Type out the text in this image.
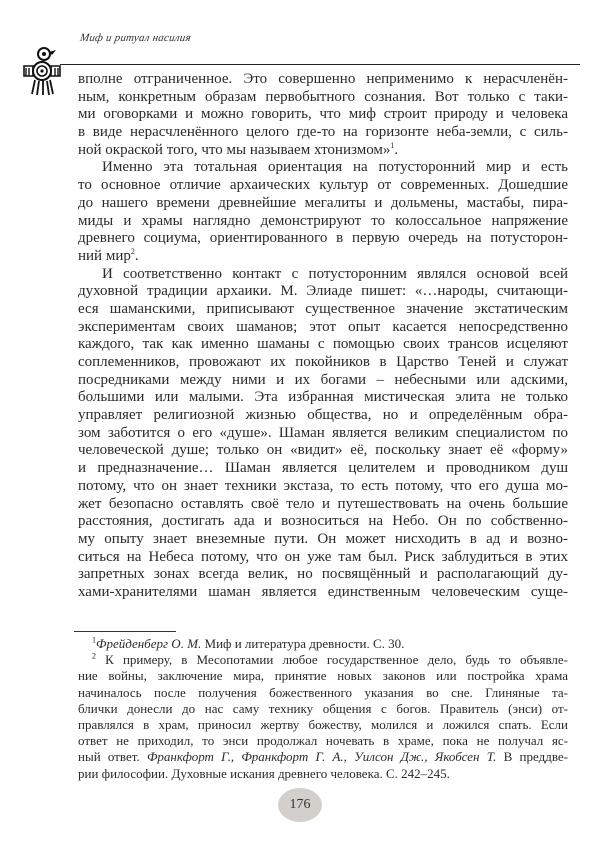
Миф и ритуал насилия
вполне отграниченное. Это совершенно неприменимо к нерасчленён-
ным, конкретным образам первобытного сознания. Вот только с таки-
ми оговорками и можно говорить, что миф строит природу и человека
в виде нерасчленённого целого где-то на горизонте неба-земли, с силь-
ной окраской того, что мы называем хтонизмом»$^1$.
Именно эта тотальная ориентация на потусторонний мир и есть
то основное отличие архаических культур от современных. Дошедшие
до нашего времени древнейшие мегалиты и дольмены, мастабы, пира-
миды и храмы наглядно демонстрируют то колоссальное напряжение
древнего социума, ориентированного в первую очередь на потусторон-
ний мир$^2$.
И соответственно контакт с потусторонним являлся основой всей
духовной традиции архаики. М. Элиаде пишет: «…народы, считающи-
еся шаманскими, приписывают существенное значение экстатическим
экспериментам своих шаманов; этот опыт касается непосредственно
каждого, так как именно шаманы с помощью своих трансов исцеляют
соплеменников, провожают их покойников в Царство Теней и служат
посредниками между ними и их богами – небесными или адскими,
большими или малыми. Эта избранная мистическая элита не только
управляет религиозной жизнью общества, но и определённым обра-
зом заботится о его «душе». Шаман является великим специалистом по
человеческой душе; только он «видит» её, поскольку знает её «форму»
и предназначение… Шаман является целителем и проводником душ
потому, что он знает техники экстаза, то есть потому, что его душа мо-
жет безопасно оставлять своё тело и путешествовать на очень большие
расстояния, достигать ада и возноситься на Небо. Он по собственно-
му опыту знает внеземные пути. Он может нисходить в ад и возно-
ситься на Небеса потому, что он уже там был. Риск заблудиться в этих
запретных зонах всегда велик, но посвящённый и располагающий ду-
хами-хранителями шаман является единственным человеческим суще-
$^1$Фрейденберг О. М. Миф и литература древности. С. 30.
$^2$ К примеру, в Месопотамии любое государственное дело, будь то объявле-
ние войны, заключение мира, принятие новых законов или постройка храма
начиналось после получения божественного указания во сне. Глиняные та-
блички донесли до нас саму технику общения с богов. Правитель (энси) от-
правлялся в храм, приносил жертву божеству, молился и ложился спать. Если
ответ не приходил, то энси продолжал ночевать в храме, пока не получал яс-
ный ответ. Франкфорт Г., Франкфорт Г. А., Уилсон Дж., Якобсен Т. В преддве-
рии философии. Духовные искания древнего человека. С. 242–245.
176
